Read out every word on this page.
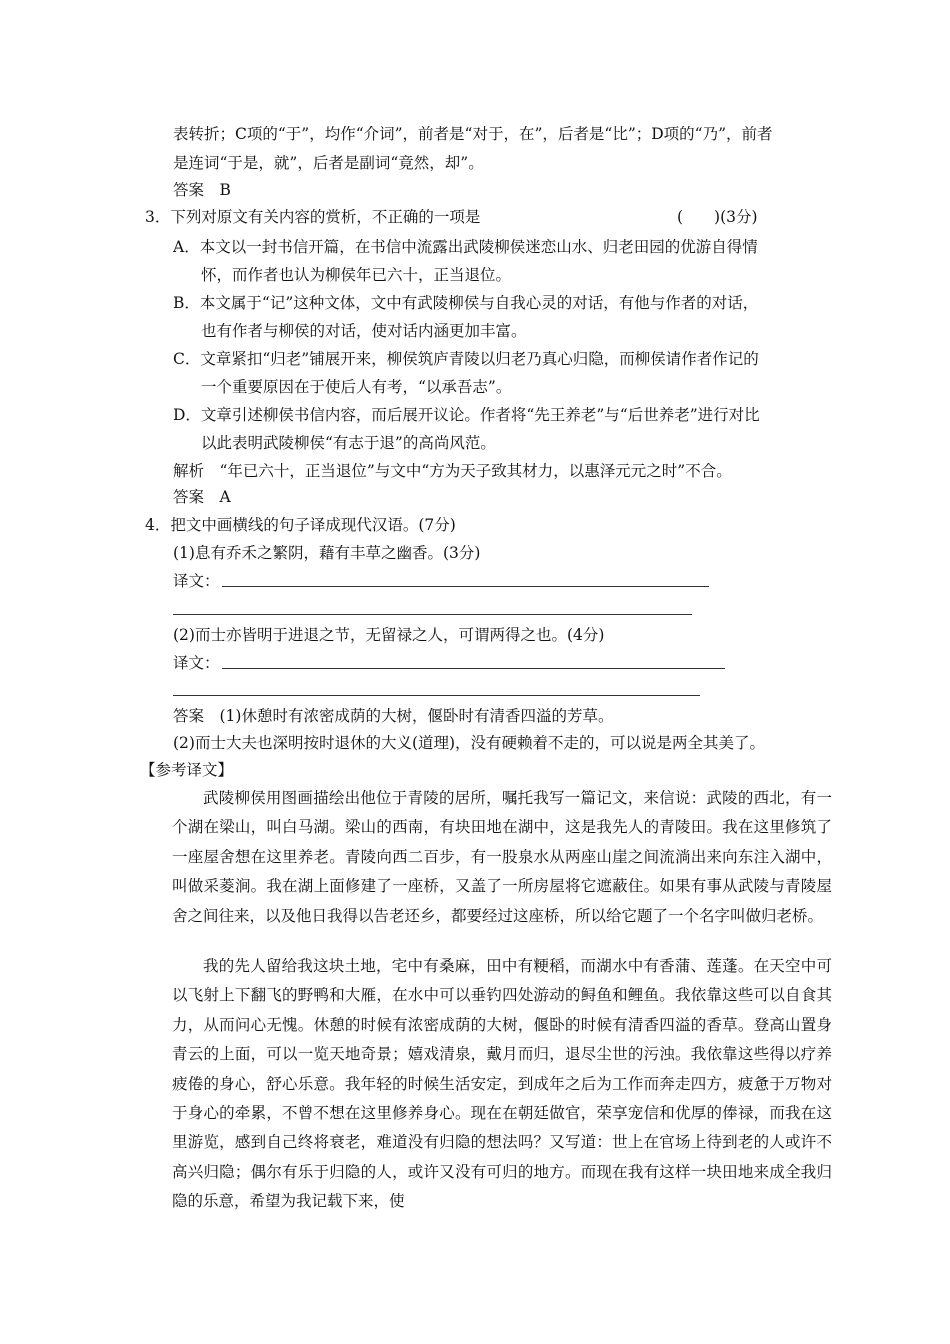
表转折；C项的“于”，均作“介词”，前者是“对于，在”，后者是“比”；D项的“乃”，前者
是连词“于是，就”，后者是副词“竟然，却”。
答案　B
3．下列对原文有关内容的赏析，不正确的一项是	(　　)(3分)
A．本文以一封书信开篇，在书信中流露出武陵柳侯迷恋山水、归老田园的优游自得情
怀，而作者也认为柳侯年已六十，正当退位。
B．本文属于“记”这种文体，文中有武陵柳侯与自我心灵的对话，有他与作者的对话，
也有作者与柳侯的对话，使对话内涵更加丰富。
C．文章紧扣“归老”铺展开来，柳侯筑庐青陵以归老乃真心归隐，而柳侯请作者作记的
一个重要原因在于使后人有考，“以承吾志”。
D．文章引述柳侯书信内容，而后展开议论。作者将“先王养老”与“后世养老”进行对比
以此表明武陵柳侯“有志于退”的高尚风范。
解析　“年已六十，正当退位”与文中“方为天子致其材力，以惠泽元元之时”不合。
答案　A
4．把文中画横线的句子译成现代汉语。(7分)
(1)息有乔禾之繁阴，藉有丰草之幽香。(3分)
译文：
(2)而士亦皆明于进退之节，无留禄之人，可谓两得之也。(4分)
译文：
答案　(1)休憩时有浓密成荫的大树，偃卧时有清香四溢的芳草。
(2)而士大夫也深明按时退休的大义(道理)，没有硬赖着不走的，可以说是两全其美了。
【参考译文】
武陵柳侯用图画描绘出他位于青陵的居所，嘱托我写一篇记文，来信说：武陵的西北，有一个湖在梁山，叫白马湖。梁山的西南，有块田地在湖中，这是我先人的青陵田。我在这里修筑了一座屋舍想在这里养老。青陵向西二百步，有一股泉水从两座山崖之间流淌出来向东注入湖中，叫做采菱涧。我在湖上面修建了一座桥，又盖了一所房屋将它遮蔽住。如果有事从武陵与青陵屋舍之间往来，以及他日我得以告老还乡，都要经过这座桥，所以给它题了一个名字叫做归老桥。
我的先人留给我这块土地，宅中有桑麻，田中有粳稻，而湖水中有香蒲、莲蓬。在天空中可以飞射上下翻飞的野鸭和大雁，在水中可以垂钓四处游动的鲟鱼和鲤鱼。我依靠这些可以自食其力，从而问心无愧。休憩的时候有浓密成荫的大树，偃卧的时候有清香四溢的香草。登高山置身青云的上面，可以一览天地奇景；嬉戏清泉，戴月而归，退尽尘世的污浊。我依靠这些得以疗养疲倦的身心，舒心乐意。我年轻的时候生活安定，到成年之后为工作而奔走四方，疲惫于万物对于身心的牵累，不曾不想在这里修养身心。现在在朝廷做官，荣享宠信和优厚的俸禄，而我在这里游览，感到自己终将衰老，难道没有归隐的想法吗？又写道：世上在官场上待到老的人或许不高兴归隐；偶尔有乐于归隐的人，或许又没有可归的地方。而现在我有这样一块田地来成全我归隐的乐意，希望为我记载下来，使
